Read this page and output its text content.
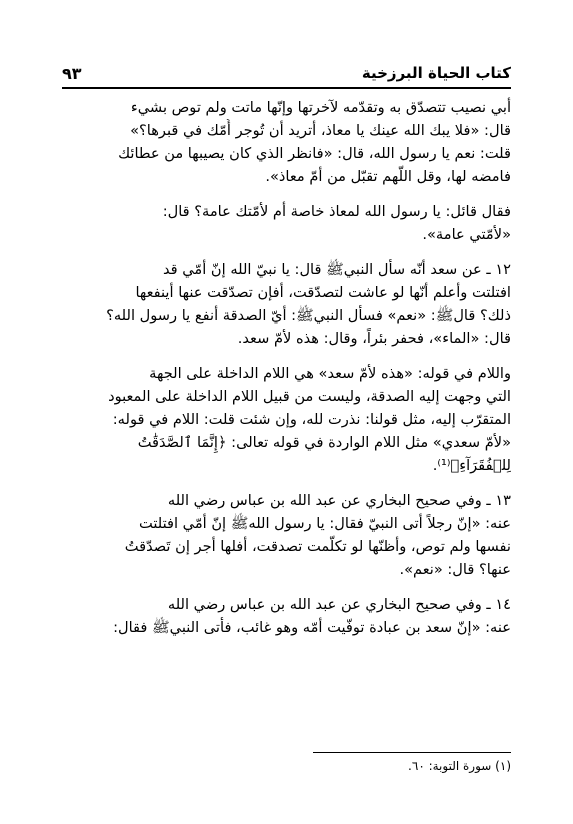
كتاب الحياة البرزخية
٩٣

أبي نصيب تتصدّق به وتقدّمه لآخرتها وإنّها ماتت ولم توص بشيء
قال: «فلا يبك الله عينك يا معاذ، أتريد أن تُوجر أُمّك في قبرها؟»
قلت: نعم يا رسول الله، قال: «فانظر الذي كان يصيبها من عطائك
فامضه لها، وقل اللّهم تقبّل من أمّ معاذ».

فقال قائل: يا رسول الله لمعاذ خاصة أم لأمّتك عامة؟ قال:
«لأمّتي عامة».

١٢ ـ عن سعد أنّه سأل النبيﷺ قال: يا نبيّ الله إنّ أمّي قد
افتلتت وأعلم أنّها لو عاشت لتصدّقت، أفإن تصدّقت عنها أينفعها
ذلك؟ قالﷺ: «نعم» فسأل النبيﷺ: أيّ الصدقة أنفع يا رسول الله؟
قال: «الماء»، فحفر بئراً، وقال: هذه لأمّ سعد.

واللام في قوله: «هذه لأمّ سعد» هي اللام الداخلة على الجهة
التي وجهت إليه الصدقة، وليست من قبيل اللام الداخلة على المعبود
المتقرّب إليه، مثل قولنا: نذرت لله، وإن شئت قلت: اللام في قوله:
«لأمّ سعدي» مثل اللام الواردة في قوله تعالى: ﴿إِنَّمَا ٱلصَّدَقَٰتُ
لِلۡفُقَرَآءِ﴾⁽¹⁾.

١٣ ـ وفي صحيح البخاري عن عبد الله بن عباس رضي الله
عنه: «إنّ رجلاً أتى النبيّ فقال: يا رسول اللهﷺ إنّ أمّي افتلتت
نفسها ولم توص، وأظنّها لو تكلّمت تصدقت، أفلها أجر إن تَصدّقتُ
عنها؟ قال: «نعم».

١٤ ـ وفي صحيح البخاري عن عبد الله بن عباس رضي الله
عنه: «إنّ سعد بن عبادة توفّيت أمّه وهو غائب، فأتى النبيﷺ فقال:

(١) سورة التوبة: ٦٠.
